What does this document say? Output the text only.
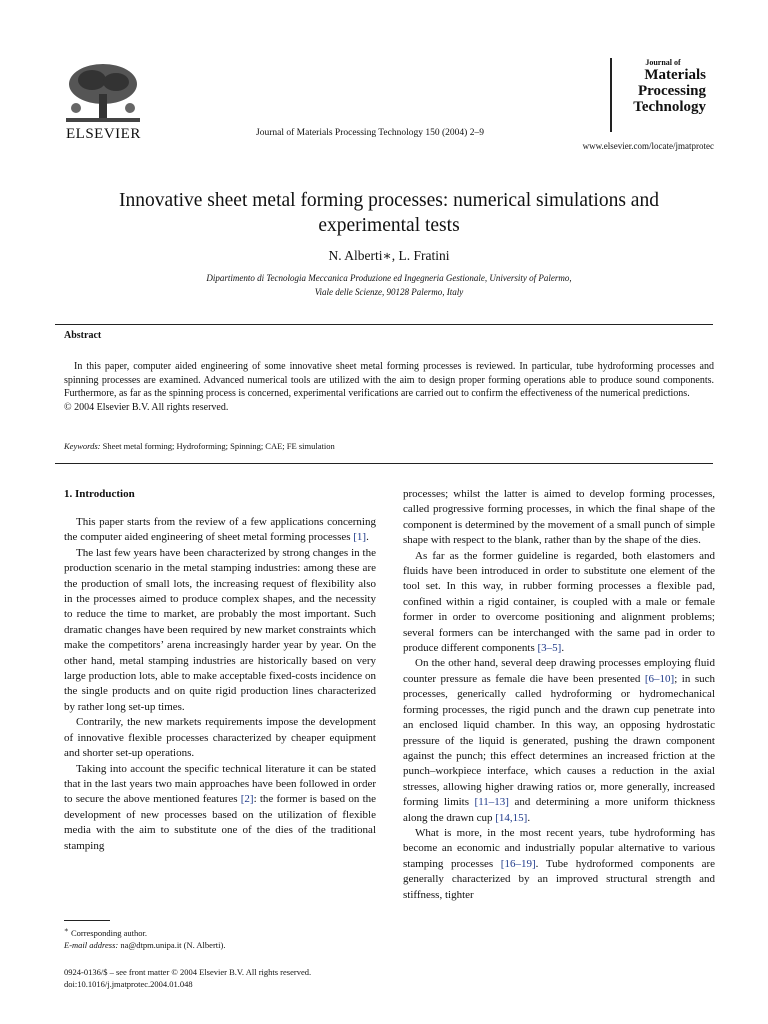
ELSEVIER	Journal of Materials Processing Technology 150 (2004) 2–9
Journal of
Materials
Processing
Technology
www.elsevier.com/locate/jmatprotec
Innovative sheet metal forming processes: numerical simulations and experimental tests
N. Alberti∗, L. Fratini
Dipartimento di Tecnologia Meccanica Produzione ed Ingegneria Gestionale, University of Palermo,
Viale delle Scienze, 90128 Palermo, Italy
Abstract

In this paper, computer aided engineering of some innovative sheet metal forming processes is reviewed. In particular, tube hydroforming processes and spinning processes are examined. Advanced numerical tools are utilized with the aim to design proper forming operations able to produce sound components. Furthermore, as far as the spinning process is concerned, experimental verifications are carried out to confirm the effectiveness of the numerical predictions.

© 2004 Elsevier B.V. All rights reserved.

Keywords: Sheet metal forming; Hydroforming; Spinning; CAE; FE simulation
1. Introduction

This paper starts from the review of a few applications concerning the computer aided engineering of sheet metal forming processes [1].

The last few years have been characterized by strong changes in the production scenario in the metal stamping industries: among these are the production of small lots, the increasing request of flexibility also in the processes aimed to produce complex shapes, and the necessity to reduce the time to market, are probably the most important. Such dramatic changes have been required by new market constraints which make the competitors’ arena increasingly harder year by year. On the other hand, metal stamping industries are historically based on very large production lots, able to make acceptable fixed-costs incidence on the single products and on quite rigid production lines characterized by rather long set-up times.

Contrarily, the new markets requirements impose the development of innovative flexible processes characterized by cheaper equipment and shorter set-up operations.

Taking into account the specific technical literature it can be stated that in the last years two main approaches have been followed in order to secure the above mentioned features [2]: the former is based on the development of new processes based on the utilization of flexible media with the aim to substitute one of the dies of the traditional stamping

processes; whilst the latter is aimed to develop forming processes, called progressive forming processes, in which the final shape of the component is determined by the movement of a small punch of simple shape with respect to the blank, rather than by the shape of the dies.

As far as the former guideline is regarded, both elastomers and fluids have been introduced in order to substitute one element of the tool set. In this way, in rubber forming processes a flexible pad, confined within a rigid container, is coupled with a male or female former in order to overcome positioning and alignment problems; several formers can be interchanged with the same pad in order to produce different components [3–5].

On the other hand, several deep drawing processes employing fluid counter pressure as female die have been presented [6–10]; in such processes, generically called hydroforming or hydromechanical forming processes, the rigid punch and the drawn cup penetrate into an enclosed liquid chamber. In this way, an opposing hydrostatic pressure of the liquid is generated, pushing the drawn component against the punch; this effect determines an increased friction at the punch–workpiece interface, which causes a reduction in the axial stresses, allowing higher drawing ratios or, more generally, increased forming limits [11–13] and determining a more uniform thickness along the drawn cup [14,15].

What is more, in the most recent years, tube hydroforming has become an economic and industrially popular alternative to various stamping processes [16–19]. Tube hydroformed components are generally characterized by an improved structural strength and stiffness, tighter

∗ Corresponding author.
E-mail address: na@dtpm.unipa.it (N. Alberti).
0924-0136/$ – see front matter © 2004 Elsevier B.V. All rights reserved.
doi:10.1016/j.jmatprotec.2004.01.048
